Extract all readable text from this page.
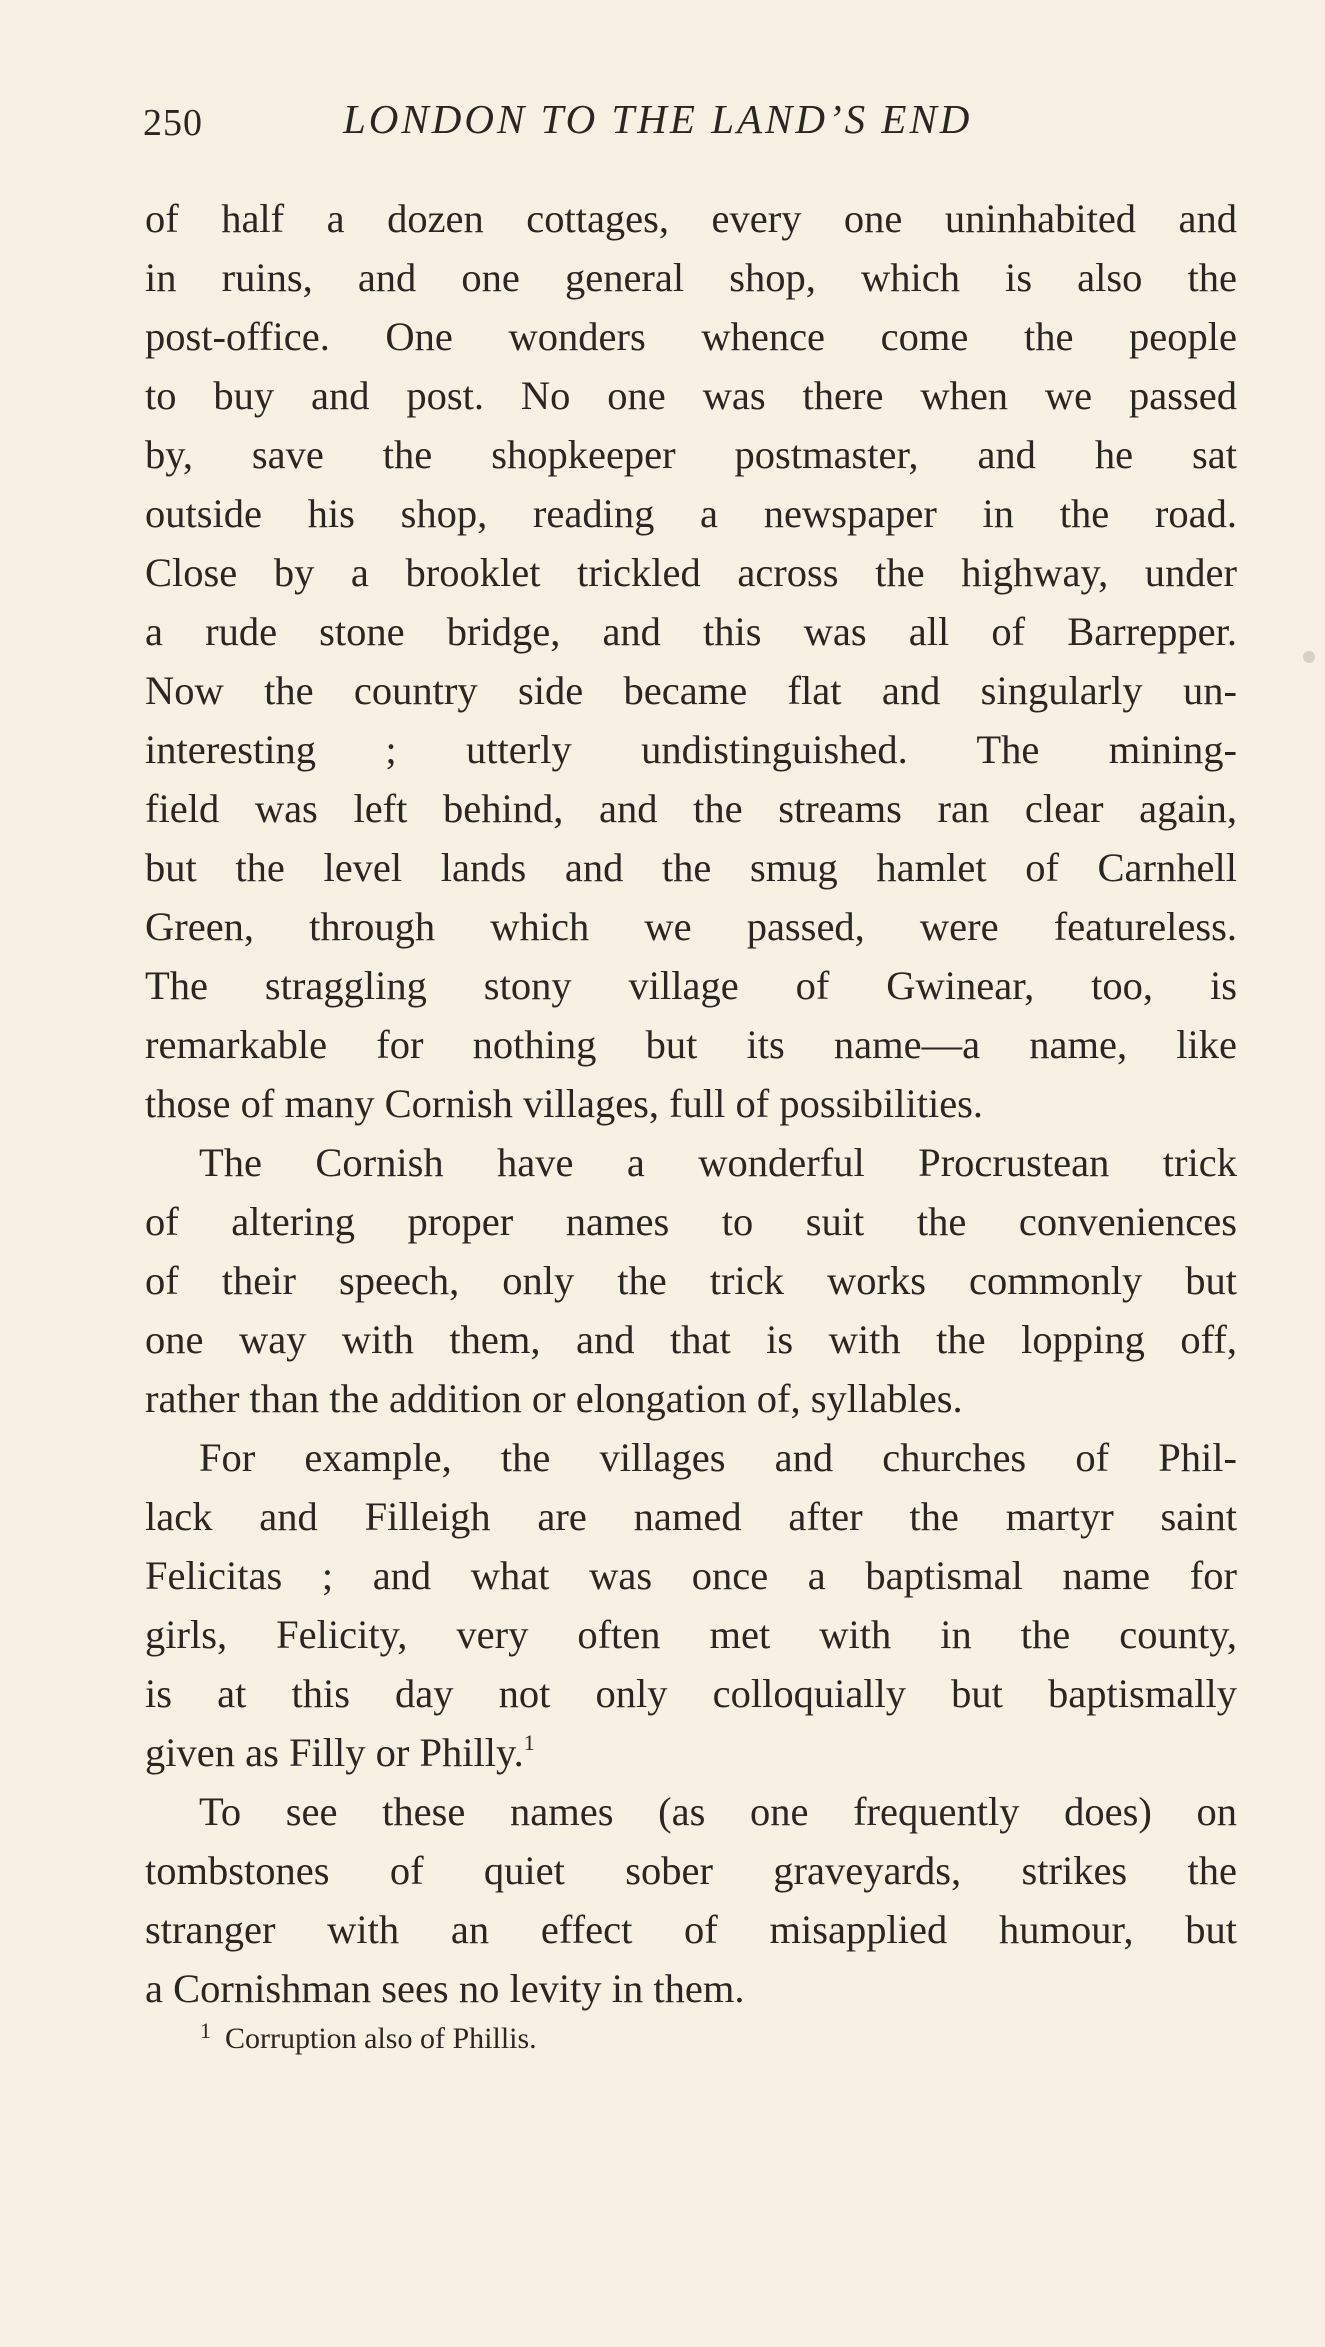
250	LONDON TO THE LAND’S END
of half a dozen cottages, every one uninhabited and
in ruins, and one general shop, which is also the
post-office. One wonders whence come the people
to buy and post. No one was there when we passed
by, save the shopkeeper postmaster, and he sat
outside his shop, reading a newspaper in the road.
Close by a brooklet trickled across the highway, under
a rude stone bridge, and this was all of Barrepper.
Now the country side became flat and singularly un-
interesting ; utterly undistinguished. The mining-
field was left behind, and the streams ran clear again,
but the level lands and the smug hamlet of Carnhell
Green, through which we passed, were featureless.
The straggling stony village of Gwinear, too, is
remarkable for nothing but its name—a name, like
those of many Cornish villages, full of possibilities.
The Cornish have a wonderful Procrustean trick
of altering proper names to suit the conveniences
of their speech, only the trick works commonly but
one way with them, and that is with the lopping off,
rather than the addition or elongation of, syllables.
For example, the villages and churches of Phil-
lack and Filleigh are named after the martyr saint
Felicitas ; and what was once a baptismal name for
girls, Felicity, very often met with in the county,
is at this day not only colloquially but baptismally
given as Filly or Philly.$^1$
To see these names (as one frequently does) on
tombstones of quiet sober graveyards, strikes the
stranger with an effect of misapplied humour, but
a Cornishman sees no levity in them.
$^1$ Corruption also of Phillis.
